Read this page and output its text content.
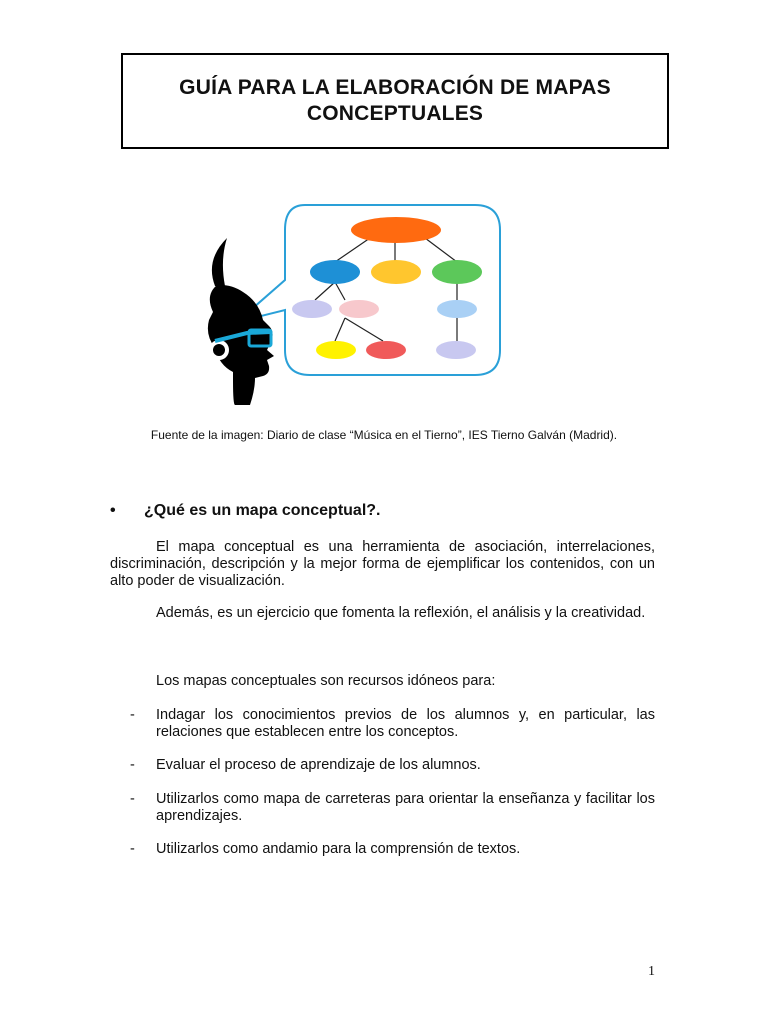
GUÍA PARA LA ELABORACIÓN DE MAPAS
CONCEPTUALES
Fuente de la imagen: Diario de clase “Música en el Tierno”, IES Tierno Galván (Madrid).
• ¿Qué es un mapa conceptual?.
El mapa conceptual es una herramienta de asociación, interrelaciones, discriminación, descripción y la mejor forma de ejemplificar los contenidos, con un alto poder de visualización.
Además, es un ejercicio que fomenta la reflexión, el análisis y la creatividad.
Los mapas conceptuales son recursos idóneos para:
- Indagar los conocimientos previos de los alumnos y, en particular, las relaciones que establecen entre los conceptos.
- Evaluar el proceso de aprendizaje de los alumnos.
- Utilizarlos como mapa de carreteras para orientar la enseñanza y facilitar los aprendizajes.
- Utilizarlos como andamio para la comprensión de textos.
1
